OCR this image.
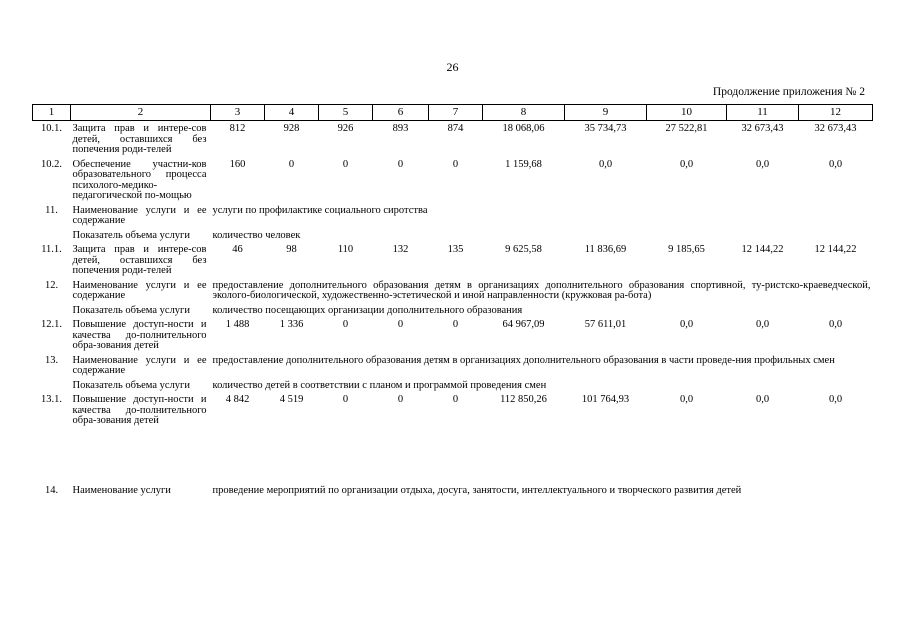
26
Продолжение приложения № 2
1	2	3	4	5	6	7	8	9	10	11	12
10.1.	Защита прав и интере-сов детей, оставшихся без попечения роди-телей	812	928	926	893	874	18 068,06	35 734,73	27 522,81	32 673,43	32 673,43
10.2.	Обеспечение участни-ков образовательного процесса психолого-медико-педагогической по-мощью	160	0	0	0	0	1 159,68	0,0	0,0	0,0	0,0
11.	Наименование услуги и ее содержание	услуги по профилактике социального сиротства									
	Показатель объема услуги	количество человек									
11.1.	Защита прав и интере-сов детей, оставшихся без попечения роди-телей	46	98	110	132	135	9 625,58	11 836,69	9 185,65	12 144,22	12 144,22
12.	Наименование услуги и ее содержание	предоставление дополнительного образования детям в организациях дополнительного образования спортивной, ту-ристско-краеведческой, эколого-биологической, художественно-эстетической и иной направленности (кружковая ра-бота)									
	Показатель объема услуги	количество посещающих организации дополнительного образования									
12.1.	Повышение доступ-ности и качества до-полнительного обра-зования детей	1 488	1 336	0	0	0	64 967,09	57 611,01	0,0	0,0	0,0
13.	Наименование услуги и ее содержание	предоставление дополнительного образования детям в организациях дополнительного образования в части проведе-ния профильных смен									
	Показатель объема услуги	количество детей в соответствии с планом и программой проведения смен									
13.1.	Повышение доступ-ности и качества до-полнительного обра-зования детей	4 842	4 519	0	0	0	112 850,26	101 764,93	0,0	0,0	0,0
14.	Наименование услуги	проведение мероприятий по организации отдыха, досуга, занятости, интеллектуального и творческого развития детей									
